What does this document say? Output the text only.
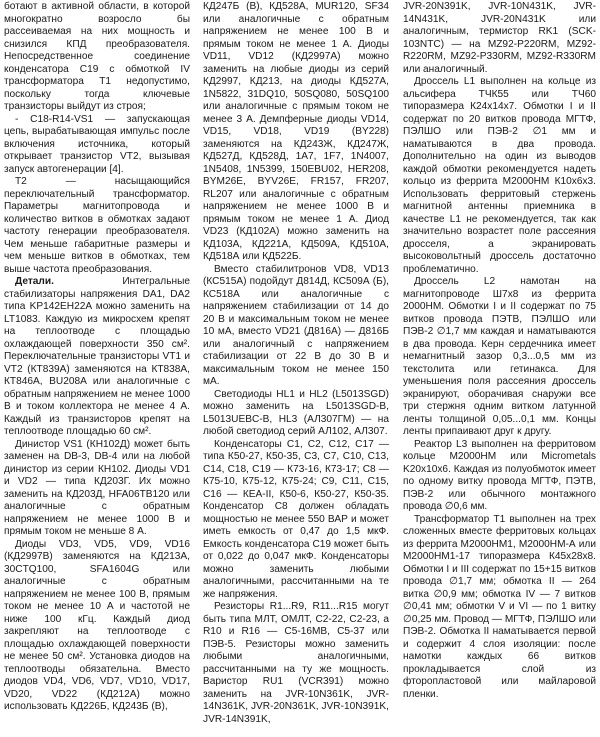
ботают в активной области, в которой многократно возросло бы рассеиваемая на них мощность и снизился КПД преобразователя. Непосредственное соединение конденсатора С19 с обмоткой IV трансформатора Т1 недопустимо, поскольку тогда ключевые транзисторы выйдут из строя;

- C18-R14-VS1 — запускающая цепь, вырабатывающая импульс после включения источника, который открывает транзистор VT2, вызывая запуск автогенерации [4].

Т2 — насыщающийся переключательный трансформатор. Параметры магнитопровода и количество витков в обмотках задают частоту генерации преобразователя. Чем меньше габаритные размеры и чем меньше витков в обмотках, тем выше частота преобразования.

Детали. Интегральные стабилизаторы напряжения DA1, DA2 типа KP142EH22A можно заменить на LT1083. Каждую из микросхем крепят на теплоотводе с площадью охлаждающей поверхности 350 см². Переключательные транзисторы VT1 и VT2 (КТ839А) заменяются на КТ838А, КТ846А, BU208A или аналогичные с обратным напряжением не менее 1000 В и током коллектора не менее 4 А. Каждый из транзисторов крепят на теплоотводе площадью 60 см².

Динистор VS1 (КН102Д) может быть заменен на DB-3, DB-4 или на любой динистор из серии КН102. Диоды VD1 и VD2 — типа КД203Г. Их можно заменить на КД203Д, HFA06TB120 или аналогичные с обратным напряжением не менее 1000 В и прямым током не меньше 8 А.

Диоды VD3, VD5, VD9, VD16 (КД2997В) заменяются на КД213А, 30CTQ100, SFA1604G или аналогичные с обратным напряжением не менее 100 В, прямым током не менее 10 А и частотой не ниже 100 кГц. Каждый диод закрепляют на теплоотводе с площадью охлаждающей поверхности не менее 50 см². Установка диодов на теплоотводы обязательна. Вместо диодов VD4, VD6, VD7, VD10, VD17, VD20, VD22 (КД212А) можно использовать КД226Б, КД243Б (В),

КД247Б (В), КД528А, MUR120, SF34 или аналогичные с обратным напряжением не менее 100 В и прямым током не менее 1 А. Диоды VD11, VD12 (КД2997А) можно заменить на любые диоды из серий КД2997, КД213, на диоды КД527А, 1N5822, 31DQ10, 50SQ080, 50SQ100 или аналогичные с прямым током не менее 3 А. Демпферные диоды VD14, VD15, VD18, VD19 (BY228) заменяются на КД243Ж, КД247Ж, КД527Д, КД528Д, 1А7, 1F7, 1N4007, 1N5408, 1N5399, 150EBU02, HER208, BYM26E, BYV26E, FR157, FR207, RL207 или аналогичные с обратным напряжением не менее 1000 В и прямым током не менее 1 А. Диод VD23 (КД102А) можно заменить на КД103А, КД221А, КД509А, КД510А, КД518А или КД522Б.

Вместо стабилитронов VD8, VD13 (КС515А) подойдут Д814Д, КС509А (Б), КС518А или аналогичные с напряжением стабилизации от 14 до 20 В и максимальным током не менее 10 мА, вместо VD21 (Д816А) — Д816Б или аналогичный с напряжением стабилизации от 22 В до 30 В и максимальным током не менее 150 мА.

Светодиоды HL1 и HL2 (L5013SGD) можно заменить на L5013SGD-B, L5013UEBC-B, HL3 (АЛ307ГМ) — на любой светодиод серий АЛ102, АЛ307.

Конденсаторы С1, С2, С12, С17 — типа К50-27, К50-35, С3, С7, С10, С13, С14, С18, С19 — К73-16, К73-17; С8 — К75-10, К75-12, К75-24; С9, С11, С15, С16 — КЕА-II, К50-6, К50-27, К50-35. Конденсатор С8 должен обладать мощностью не менее 550 ВАР и может иметь емкость от 0,47 до 1,5 мкФ. Емкость конденсатора С19 может быть от 0,022 до 0,047 мкФ. Конденсаторы можно заменить любыми аналогичными, рассчитанными на те же напряжения.

Резисторы R1...R9, R11...R15 могут быть типа МЛТ, ОМЛТ, С2-22, С2-23, а R10 и R16 — С5-16МВ, С5-37 или ПЭВ-5. Резисторы можно заменить любыми аналогичными, рассчитанными на ту же мощность. Варистор RU1 (VCR391) можно заменить на JVR-10N361K, JVR-14N361K, JVR-20N361K, JVR-10N391K, JVR-14N391K,

JVR-20N391K, JVR-10N431K, JVR-14N431K, JVR-20N431K или аналогичным, термистор RK1 (SCK-103NTC) — на MZ92-P220RM, MZ92-R220RM, MZ92-P330RM, MZ92-R330RM или аналогичный.

Дроссель L1 выполнен на кольце из альсифера ТЧК55 или ТЧ60 типоразмера К24х14х7. Обмотки I и II содержат по 20 витков провода МГТФ, ПЭЛШО или ПЭВ-2 ∅1 мм и наматываются в два провода. Дополнительно на один из выводов каждой обмотки рекомендуется надеть кольцо из феррита М2000НМ К10х6х3. Использовать ферритовый стержень магнитной антенны приемника в качестве L1 не рекомендуется, так как значительно возрастет поле рассеяния дросселя, а экранировать высоковольтный дроссель достаточно проблематично.

Дроссель L2 намотан на магнитопроводе Ш7х8 из феррита 2000НМ. Обмотки I и II содержат по 75 витков провода ПЭТВ, ПЭЛШО или ПЭВ-2 ∅1,7 мм каждая и наматываются в два провода. Керн сердечника имеет немагнитный зазор 0,3...0,5 мм из текстолита или гетинакса. Для уменьшения поля рассеяния дроссель экранируют, оборачивая снаружи все три стержня одним витком латунной ленты толщиной 0,05...0,1 мм. Концы ленты припаивают друг к другу.

Реактор L3 выполнен на ферритовом кольце М2000НМ или Micrometals K20х10х6. Каждая из полуобмоток имеет по одному витку провода МГТФ, ПЭТВ, ПЭВ-2 или обычного монтажного провода ∅0,6 мм.

Трансформатор Т1 выполнен на трех сложенных вместе ферритовых кольцах из феррита М2000НМ1, М2000НМ-А или М2000НМ1-17 типоразмера К45х28х8. Обмотки I и III содержат по 15+15 витков провода ∅1,7 мм; обмотка II — 264 витка ∅0,9 мм; обмотка IV — 7 витков ∅0,41 мм; обмотки V и VI — по 1 витку ∅0,25 мм. Провод — МГТФ, ПЭЛШО или ПЭВ-2. Обмотка II наматывается первой и содержит 4 слоя изоляции: после намотки каждых 66 витков прокладывается слой из фторопластовой или майларовой пленки.
